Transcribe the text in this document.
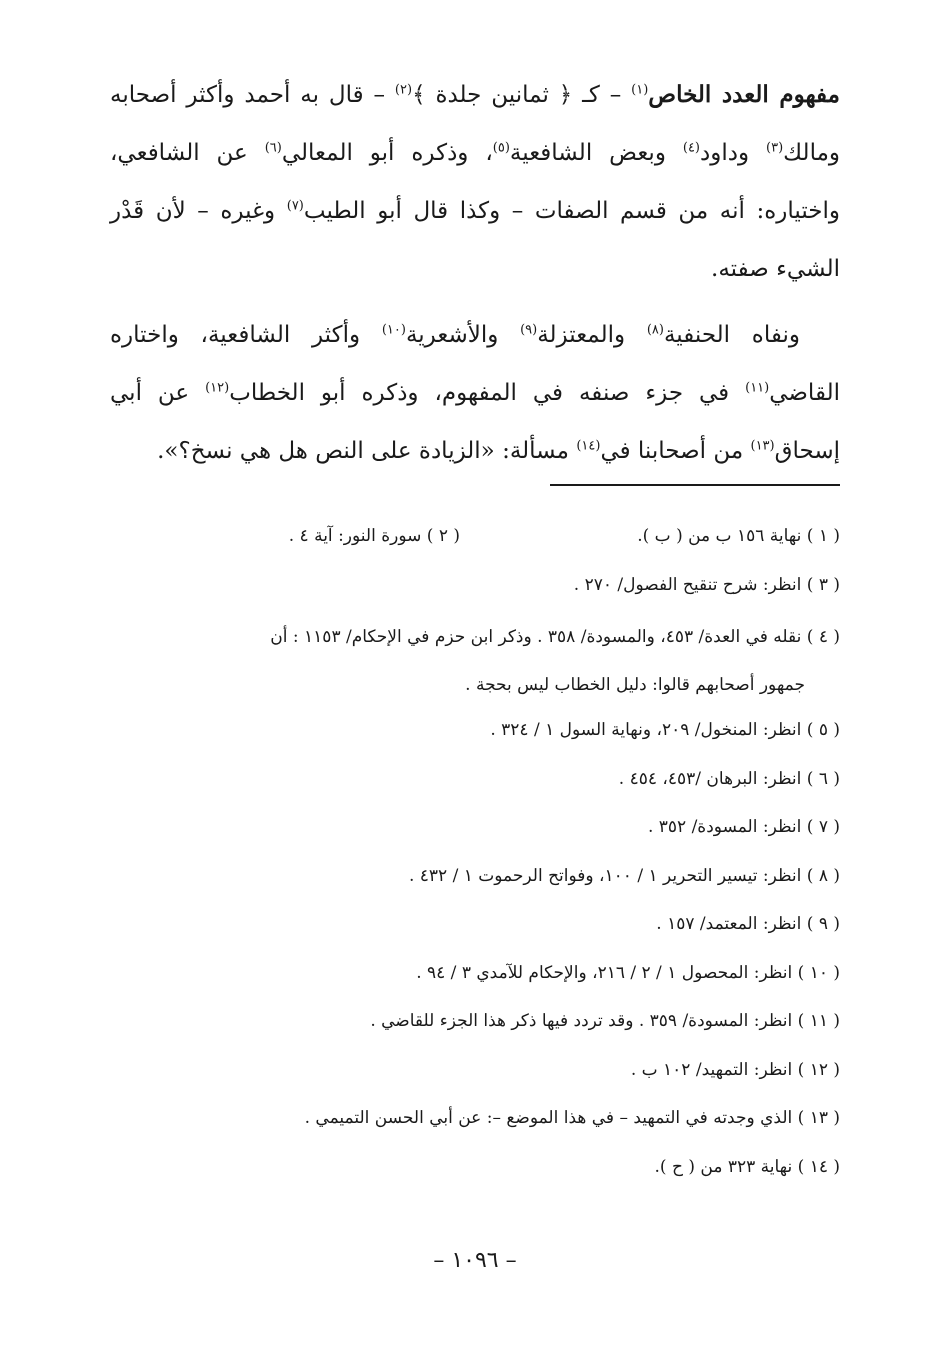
مفهوم العدد الخاص$^{(١)}$ – كـ ﴿ ثمانين جلدة ﴾$^{(٢)}$ – قال به أحمد وأكثر أصحابه ومالك$^{(٣)}$ وداود$^{(٤)}$ وبعض الشافعية$^{(٥)}$، وذكره أبو المعالي$^{(٦)}$ عن الشافعي، واختياره: أنه من قسم الصفات – وكذا قال أبو الطيب$^{(٧)}$ وغيره – لأن قَدْر الشيء صفته.

ونفاه الحنفية$^{(٨)}$ والمعتزلة$^{(٩)}$ والأشعرية$^{(١٠)}$ وأكثر الشافعية، واختاره القاضي$^{(١١)}$ في جزء صنفه في المفهوم، وذكره أبو الخطاب$^{(١٢)}$ عن أبي إسحاق$^{(١٣)}$ من أصحابنا في$^{(١٤)}$ مسألة: «الزيادة على النص هل هي نسخ؟».

( ١ ) نهاية ١٥٦ ب من ( ب ).
( ٢ ) سورة النور: آية ٤ .
( ٣ ) انظر: شرح تنقيح الفصول/ ٢٧٠ .
( ٤ ) نقله في العدة/ ٤٥٣، والمسودة/ ٣٥٨ . وذكر ابن حزم في الإحكام/ ١١٥٣ : أن
جمهور أصحابهم قالوا: دليل الخطاب ليس بحجة .
( ٥ ) انظر: المنخول/ ٢٠٩، ونهاية السول ١ / ٣٢٤ .
( ٦ ) انظر: البرهان /٤٥٣، ٤٥٤ .
( ٧ ) انظر: المسودة/ ٣٥٢ .
( ٨ ) انظر: تيسير التحرير ١ / ١٠٠، وفواتح الرحموت ١ / ٤٣٢ .
( ٩ ) انظر: المعتمد/ ١٥٧ .
( ١٠ ) انظر: المحصول ١ / ٢ / ٢١٦، والإحكام للآمدي ٣ / ٩٤ .
( ١١ ) انظر: المسودة/ ٣٥٩ . وقد تردد فيها ذكر هذا الجزء للقاضي .
( ١٢ ) انظر: التمهيد/ ١٠٢ ب .
( ١٣ ) الذي وجدته في التمهيد – في هذا الموضع –: عن أبي الحسن التميمي .
( ١٤ ) نهاية ٣٢٣ من ( ح ).
– ١٠٩٦ –
